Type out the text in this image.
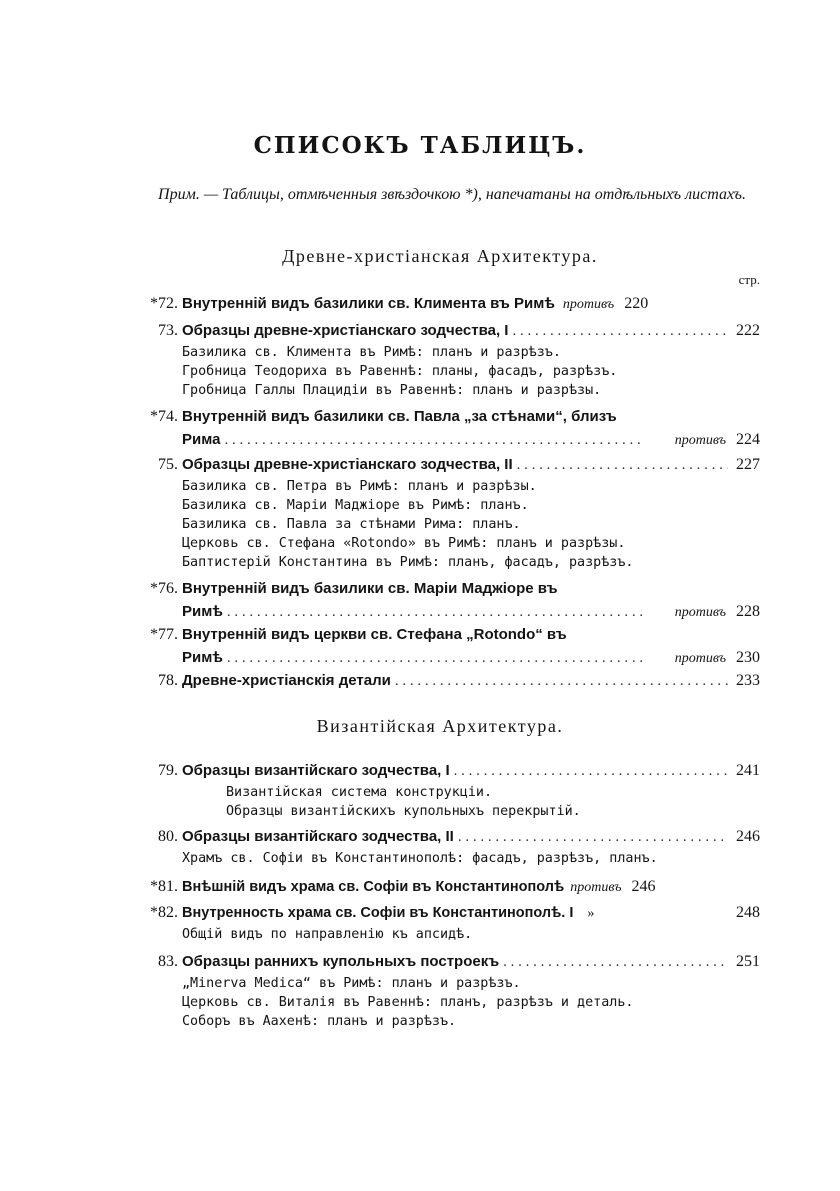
СПИСОКЪ ТАБЛИЦЪ.
Прим. — Таблицы, отмѣченныя звѣздочкою *), напечатаны на отдѣльныхъ листахъ.
Древне-христіанская Архитектура.
стр.
*72. Внутренній видъ базилики св. Климента въ Римѣ противъ 220
73. Образцы древне-христіанскаго зодчества, I . . .	222
Базилика св. Климента въ Римѣ: планъ и разрѣзъ.
Гробница Теодориха въ Равеннѣ: планы, фасадъ, разрѣзъ.
Гробница Галлы Плацидіи въ Равеннѣ: планъ и разрѣзы.
*74. Внутренній видъ базилики св. Павла „за стѣнами“, близъ
Рима . . .	противъ 224
75. Образцы древне-христіанскаго зодчества, II . . .	227
Базилика св. Петра въ Римѣ: планъ и разрѣзы.
Базилика св. Маріи Маджіоре въ Римѣ: планъ.
Базилика св. Павла за стѣнами Рима: планъ.
Церковь св. Стефана «Rotondo» въ Римѣ: планъ и разрѣзы.
Баптистерій Константина въ Римѣ: планъ, фасадъ, разрѣзъ.
*76. Внутренній видъ базилики св. Маріи Маджіоре въ
Римѣ . . .	противъ 228
*77. Внутренній видъ церкви св. Стефана „Rotondo“ въ
Римѣ . . .	противъ 230
78. Древне-христіанскія детали . . .	233
Византійская Архитектура.
79. Образцы византійскаго зодчества, I . . .	241
Византійская система конструкціи.
Образцы византійскихъ купольныхъ перекрытій.
80. Образцы византійскаго зодчества, II . . .	246
Храмъ св. Софіи въ Константинополѣ: фасадъ, разрѣзъ, планъ.
*81. Внѣшній видъ храма св. Софіи въ Константинополѣ противъ 246
*82. Внутренность храма св. Софіи въ Константинополѣ. I »	248
Общій видъ по направленію къ апсидѣ.
83. Образцы раннихъ купольныхъ построекъ . . .	251
„Minerva Medica“ въ Римѣ: планъ и разрѣзъ.
Церковь св. Виталія въ Равеннѣ: планъ, разрѣзъ и деталь.
Соборъ въ Аахенѣ: планъ и разрѣзъ.
